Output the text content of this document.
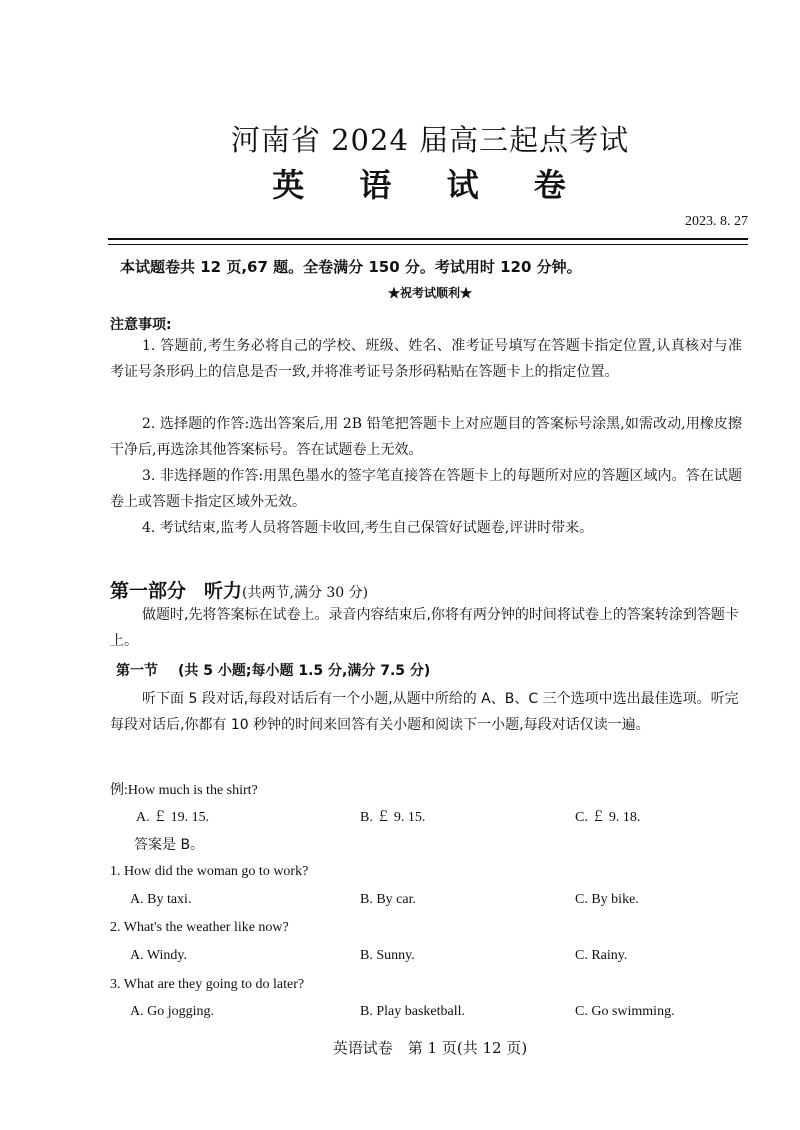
河南省 2024 届高三起点考试
英 语 试 卷
2023. 8. 27
本试题卷共 12 页,67 题。全卷满分 150 分。考试用时 120 分钟。
★祝考试顺利★
注意事项:
1. 答题前,考生务必将自己的学校、班级、姓名、准考证号填写在答题卡指定位置,认真核对与准考证号条形码上的信息是否一致,并将准考证号条形码粘贴在答题卡上的指定位置。
2. 选择题的作答:选出答案后,用 2B 铅笔把答题卡上对应题目的答案标号涂黑,如需改动,用橡皮擦干净后,再选涂其他答案标号。答在试题卷上无效。
3. 非选择题的作答:用黑色墨水的签字笔直接答在答题卡上的每题所对应的答题区域内。答在试题卷上或答题卡指定区域外无效。
4. 考试结束,监考人员将答题卡收回,考生自己保管好试题卷,评讲时带来。
第一部分 听力(共两节,满分 30 分)
做题时,先将答案标在试卷上。录音内容结束后,你将有两分钟的时间将试卷上的答案转涂到答题卡上。
第一节 (共 5 小题;每小题 1.5 分,满分 7.5 分)
听下面 5 段对话,每段对话后有一个小题,从题中所给的 A、B、C 三个选项中选出最佳选项。听完每段对话后,你都有 10 秒钟的时间来回答有关小题和阅读下一小题,每段对话仅读一遍。
例:How much is the shirt?
A. ￡ 19. 15.	B. ￡ 9. 15.	C. ￡ 9. 18.
答案是 B。
1. How did the woman go to work?
A. By taxi.	B. By car.	C. By bike.
2. What's the weather like now?
A. Windy.	B. Sunny.	C. Rainy.
3. What are they going to do later?
A. Go jogging.	B. Play basketball.	C. Go swimming.
英语试卷　第 1 页(共 12 页)
